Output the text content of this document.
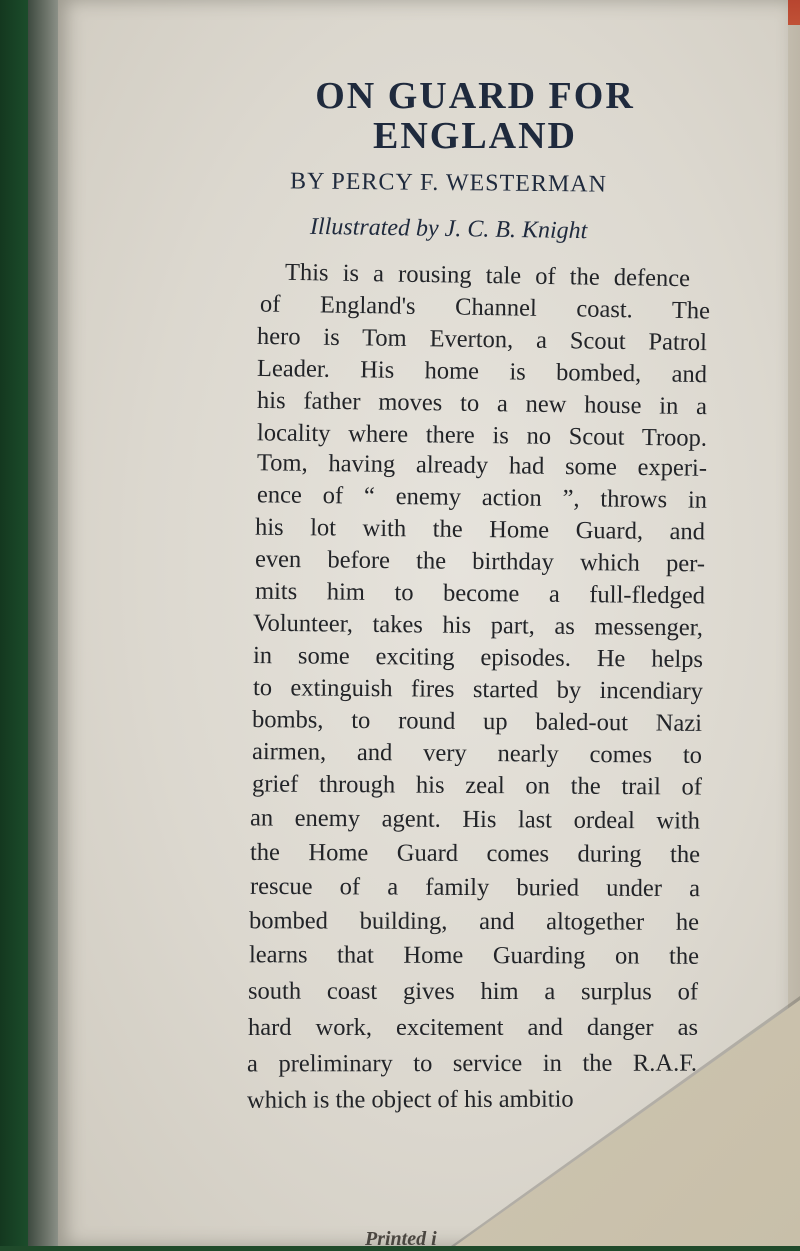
ON GUARD FOR
ENGLAND
BY PERCY F. WESTERMAN
Illustrated by J. C. B. Knight
This is a rousing tale of the defence
of England's Channel coast. The
hero is Tom Everton, a Scout Patrol
Leader. His home is bombed, and
his father moves to a new house in a
locality where there is no Scout Troop.
Tom, having already had some experi-
ence of “ enemy action ”, throws in
his lot with the Home Guard, and
even before the birthday which per-
mits him to become a full-fledged
Volunteer, takes his part, as messenger,
in some exciting episodes. He helps
to extinguish fires started by incendiary
bombs, to round up baled-out Nazi
airmen, and very nearly comes to
grief through his zeal on the trail of
an enemy agent. His last ordeal with
the Home Guard comes during the
rescue of a family buried under a
bombed building, and altogether he
learns that Home Guarding on the
south coast gives him a surplus of
hard work, excitement and danger as
a preliminary to service in the R.A.F.
which is the object of his ambitio
Printed i
